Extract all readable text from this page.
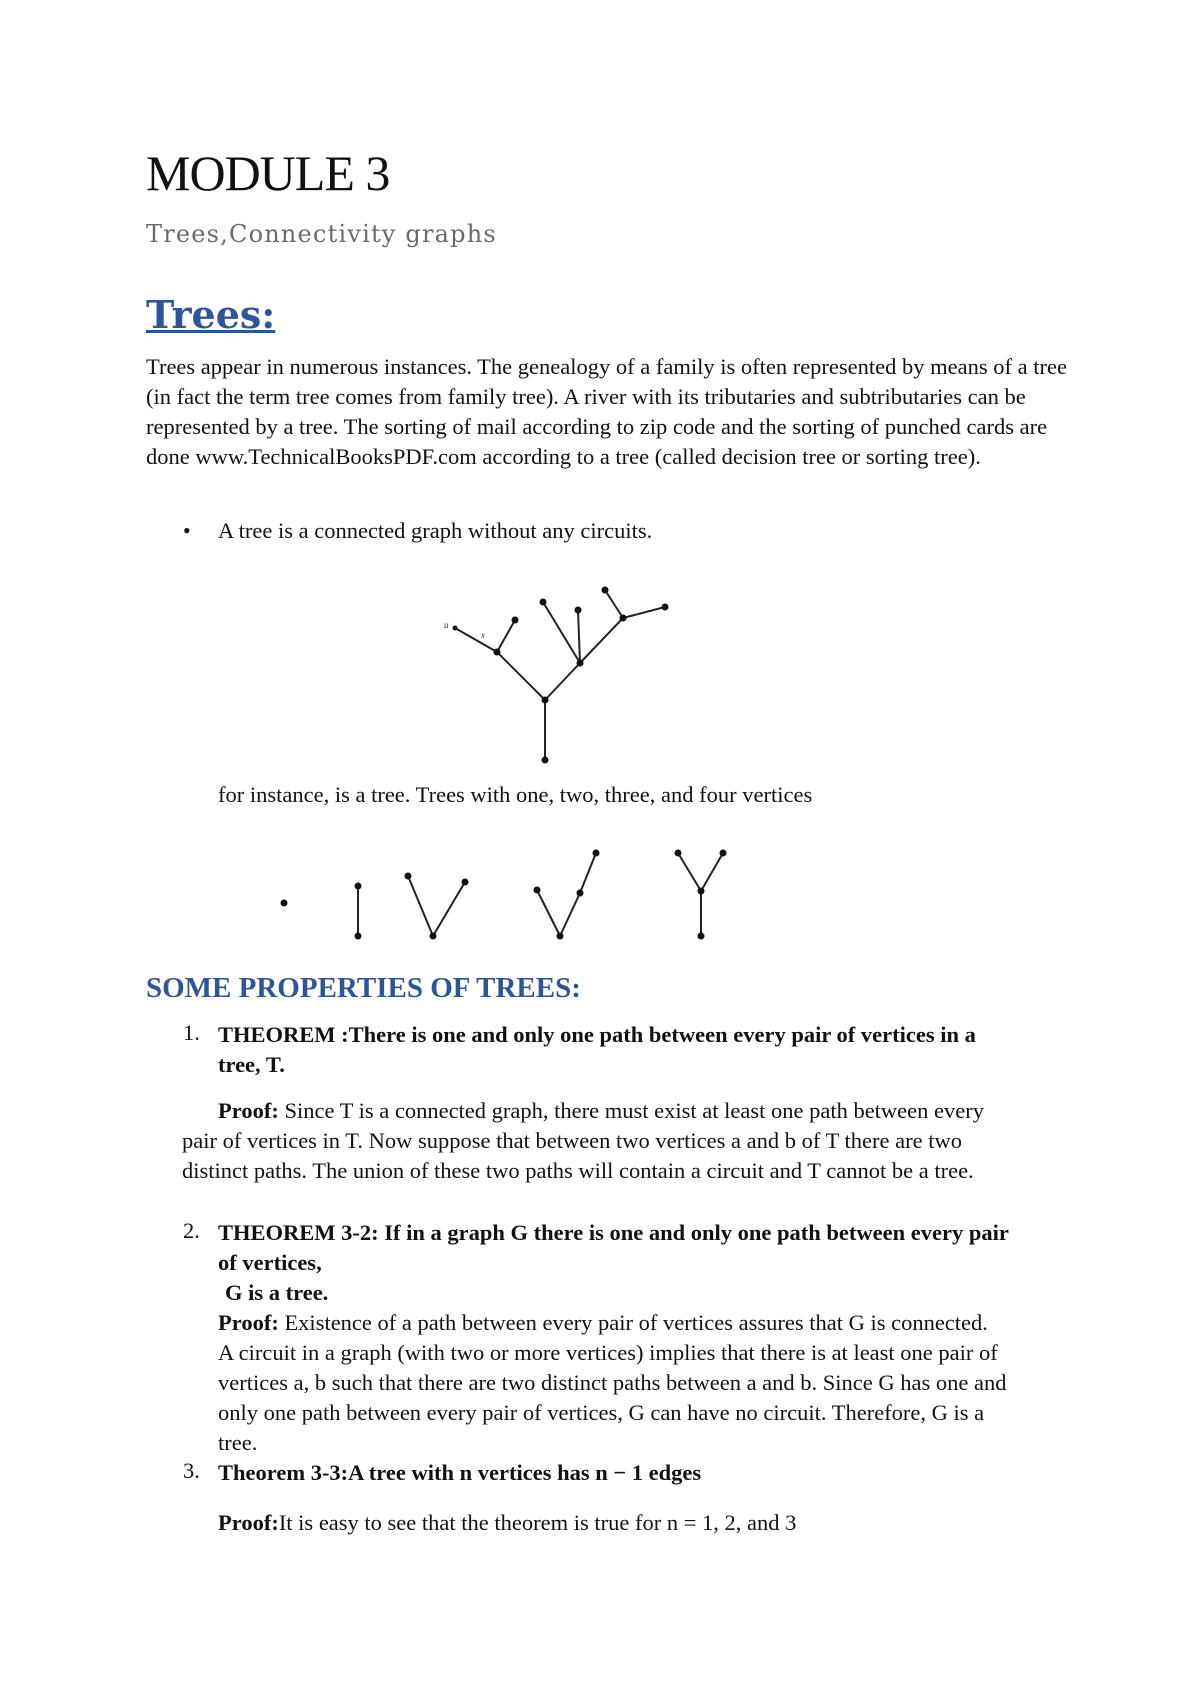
MODULE 3
Trees,Connectivity graphs
Trees:
Trees appear in numerous instances. The genealogy of a family is often represented by means of a tree (in fact the term tree comes from family tree). A river with its tributaries and subtributaries can be represented by a tree. The sorting of mail according to zip code and the sorting of punched cards are done www.TechnicalBooksPDF.com according to a tree (called decision tree or sorting tree).
• A tree is a connected graph without any circuits.
u
x
for instance, is a tree. Trees with one, two, three, and four vertices
SOME PROPERTIES OF TREES:
1. THEOREM :There is one and only one path between every pair of vertices in a
tree, T.
Proof: Since T is a connected graph, there must exist at least one path between every
pair of vertices in T. Now suppose that between two vertices a and b of T there are two
distinct paths. The union of these two paths will contain a circuit and T cannot be a tree.
2. THEOREM 3-2: If in a graph G there is one and only one path between every pair
of vertices,
G is a tree.
Proof: Existence of a path between every pair of vertices assures that G is connected.
A circuit in a graph (with two or more vertices) implies that there is at least one pair of
vertices a, b such that there are two distinct paths between a and b. Since G has one and
only one path between every pair of vertices, G can have no circuit. Therefore, G is a
tree.
3. Theorem 3-3:A tree with n vertices has n − 1 edges
Proof:It is easy to see that the theorem is true for n = 1, 2, and 3
